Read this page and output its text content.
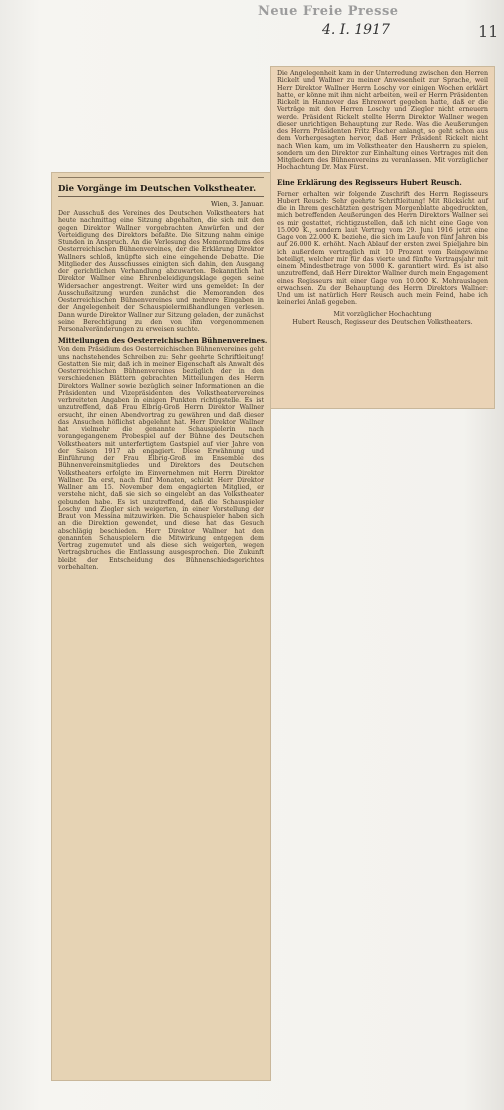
Neue Freie Presse
4. I. 1917	11
Die Angelegenheit kam in der Unterredung zwischen den Herren Rickelt und Wallner zu meiner Anwesenheit zur Sprache, weil Herr Direktor Wallner Herrn Loschy vor einigen Wochen erklärt hatte, er könne mit ihm nicht arbeiten, weil er Herrn Präsidenten Rickelt in Hannover das Ehrenwort gegeben hatte, daß er die Verträge mit den Herren Loschy und Ziegler nicht erneuern werde. Präsident Rickelt stellte Herrn Direktor Wallner wegen dieser unrichtigen Behauptung zur Rede. Was die Aeußerungen des Herrn Präsidenten Fritz Fischer anlangt, so geht schon aus dem Vorhergesagten hervor, daß Herr Präsident Rickelt nicht nach Wien kam, um im Volkstheater den Hausherrn zu spielen, sondern um den Direktor zur Einhaltung eines Vertrages mit den Mitgliedern des Bühnenvereins zu veranlassen. Mit vorzüglicher Hochachtung Dr. Max Fürst.
Eine Erklärung des Regisseurs Hubert Reusch.
Ferner erhalten wir folgende Zuschrift des Herrn Regisseurs Hubert Reusch: Sehr geehrte Schriftleitung! Mit Rücksicht auf die in Ihrem geschätzten gestrigen Morgenblatte abgedruckten, mich betreffenden Aeußerungen des Herrn Direktors Wallner sei es mir gestattet, richtigzustellen, daß ich nicht eine Gage von 15.000 K., sondern laut Vertrag vom 29. Juni 1916 jetzt eine Gage von 22.000 K. beziehe, die sich im Laufe von fünf Jahren bis auf 26.000 K. erhöht. Nach Ablauf der ersten zwei Spieljahre bin ich außerdem vertraglich mit 10 Prozent vom Reingewinne beteiligt, welcher mir für das vierte und fünfte Vertragsjahr mit einem Mindestbetrage von 5000 K. garantiert wird. Es ist also unzutreffend, daß Herr Direktor Wallner durch mein Engagement eines Regisseurs mit einer Gage von 10.000 K. Mehrauslagen erwachsen. Zu der Behauptung des Herrn Direktors Wallner: Und um ist natürlich Herr Reusch auch mein Feind, habe ich keinerlei Anlaß gegeben.
Mit vorzüglicher Hochachtung
Hubert Reusch, Regisseur des Deutschen Volkstheaters.
Die Vorgänge im Deutschen Volkstheater.
Wien, 3. Januar.
Der Ausschuß des Vereines des Deutschen Volkstheaters hat heute nachmittag eine Sitzung abgehalten, die sich mit den gegen Direktor Wallner vorgebrachten Anwürfen und der Verteidigung des Direktors befaßte. Die Sitzung nahm einige Stunden in Anspruch. An die Verlesung des Memorandums des Oesterreichischen Bühnenvereines, der die Erklärung Direktor Wallners schloß, knüpfte sich eine eingehende Debatte. Die Mitglieder des Ausschusses einigten sich dahin, den Ausgang der gerichtlichen Verhandlung abzuwarten. Bekanntlich hat Direktor Wallner eine Ehrenbeleidigungsklage gegen seine Widersacher angestrengt. Weiter wird uns gemeldet: In der Ausschußsitzung wurden zunächst die Memoranden des Oesterreichischen Bühnenvereines und mehrere Eingaben in der Angelegenheit der Schauspielermißhandlungen verlesen. Dann wurde Direktor Wallner zur Sitzung geladen, der zunächst seine Berechtigung zu den von ihm vorgenommenen Personalveränderungen zu erweisen suchte.
Mitteilungen des Oesterreichischen Bühnenvereines.
Von dem Präsidium des Oesterreichischen Bühnenvereines geht uns nachstehendes Schreiben zu: Sehr geehrte Schriftleitung! Gestatten Sie mir, daß ich in meiner Eigenschaft als Anwalt des Oesterreichischen Bühnenvereines bezüglich der in den verschiedenen Blättern gebrachten Mitteilungen des Herrn Direktors Wallner sowie bezüglich seiner Informationen an die Präsidenten und Vizepräsidenten des Volkstheatervereines verbreiteten Angaben in einigen Punkten richtigstelle. Es ist unzutreffend, daß Frau Elbrig-Groß Herrn Direktor Wallner ersucht, ihr einen Abendvortrag zu gewähren und daß dieser das Ansuchen höflichst abgelehnt hat. Herr Direktor Wallner hat vielmehr die genannte Schauspielerin nach vorangegangenem Probespiel auf der Bühne des Deutschen Volkstheaters mit unterfertigtem Gastspiel auf vier Jahre von der Saison 1917 ab engagiert. Diese Erwähnung und Einführung der Frau Elbrig-Groß im Ensemble des Bühnenvereinsmitgliedes und Direktors des Deutschen Volkstheaters erfolgte im Einvernehmen mit Herrn Direktor Wallner. Da erst, nach fünf Monaten, schickt Herr Direktor Wallner am 15. November dem engagierten Mitglied, er verstehe nicht, daß sie sich so eingelebt an das Volkstheater gebunden habe. Es ist unzutreffend, daß die Schauspieler Loschy und Ziegler sich weigerten, in einer Vorstellung der Braut von Messina mitzuwirken. Die Schauspieler haben sich an die Direktion gewendet, und diese hat das Gesuch abschlägig beschieden. Herr Direktor Wallner hat den genannten Schauspielern die Mitwirkung entgegen dem Vertrag zugemutet und als diese sich weigerten, wegen Vertragsbruches die Entlassung ausgesprochen. Die Zukunft bleibt der Entscheidung des Bühnenschiedsgerichtes vorbehalten.
